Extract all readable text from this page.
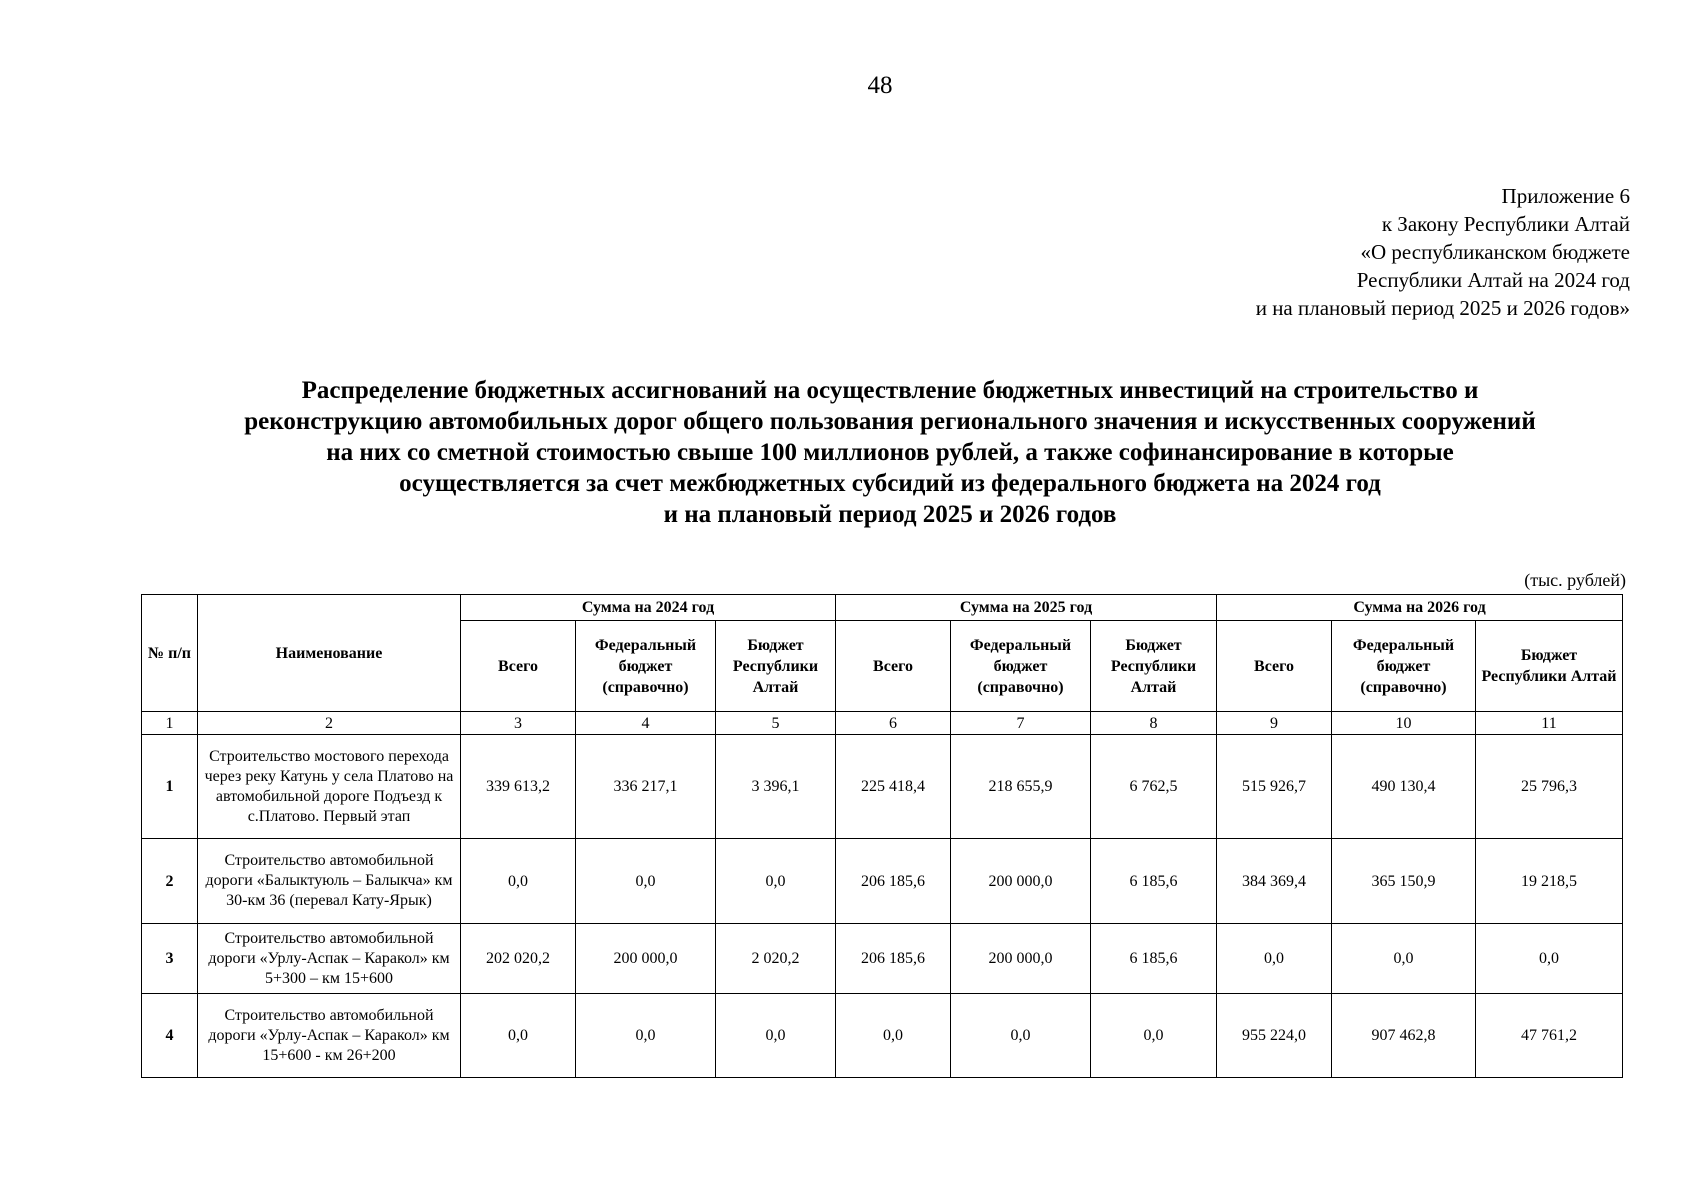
48
Приложение 6
к Закону Республики Алтай
«О республиканском бюджете
Республики Алтай на 2024 год
и на плановый период 2025 и 2026 годов»
Распределение бюджетных ассигнований на осуществление бюджетных инвестиций на строительство и
реконструкцию автомобильных дорог общего пользования регионального значения и искусственных сооружений
на них со сметной стоимостью свыше 100 миллионов рублей, а также софинансирование в которые
осуществляется за счет межбюджетных субсидий из федерального бюджета на 2024 год
и на плановый период 2025 и 2026 годов
(тыс. рублей)
№ п/п	Наименование	Сумма на 2024 год			Сумма на 2025 год			Сумма на 2026 год		
		Всего	Федеральный бюджет (справочно)	Бюджет Республики Алтай	Всего	Федеральный бюджет (справочно)	Бюджет Республики Алтай	Всего	Федеральный бюджет (справочно)	Бюджет Республики Алтай
1	2	3	4	5	6	7	8	9	10	11
1	Строительство мостового перехода через реку Катунь у села Платово на автомобильной дороге Подъезд к с.Платово. Первый этап	339 613,2	336 217,1	3 396,1	225 418,4	218 655,9	6 762,5	515 926,7	490 130,4	25 796,3
2	Строительство автомобильной дороги «Балыктуюль – Балыкча» км 30-км 36 (перевал Кату-Ярык)	0,0	0,0	0,0	206 185,6	200 000,0	6 185,6	384 369,4	365 150,9	19 218,5
3	Строительство автомобильной дороги «Урлу-Аспак – Каракол» км 5+300 – км 15+600	202 020,2	200 000,0	2 020,2	206 185,6	200 000,0	6 185,6	0,0	0,0	0,0
4	Строительство автомобильной дороги «Урлу-Аспак – Каракол» км 15+600 - км 26+200	0,0	0,0	0,0	0,0	0,0	0,0	955 224,0	907 462,8	47 761,2
